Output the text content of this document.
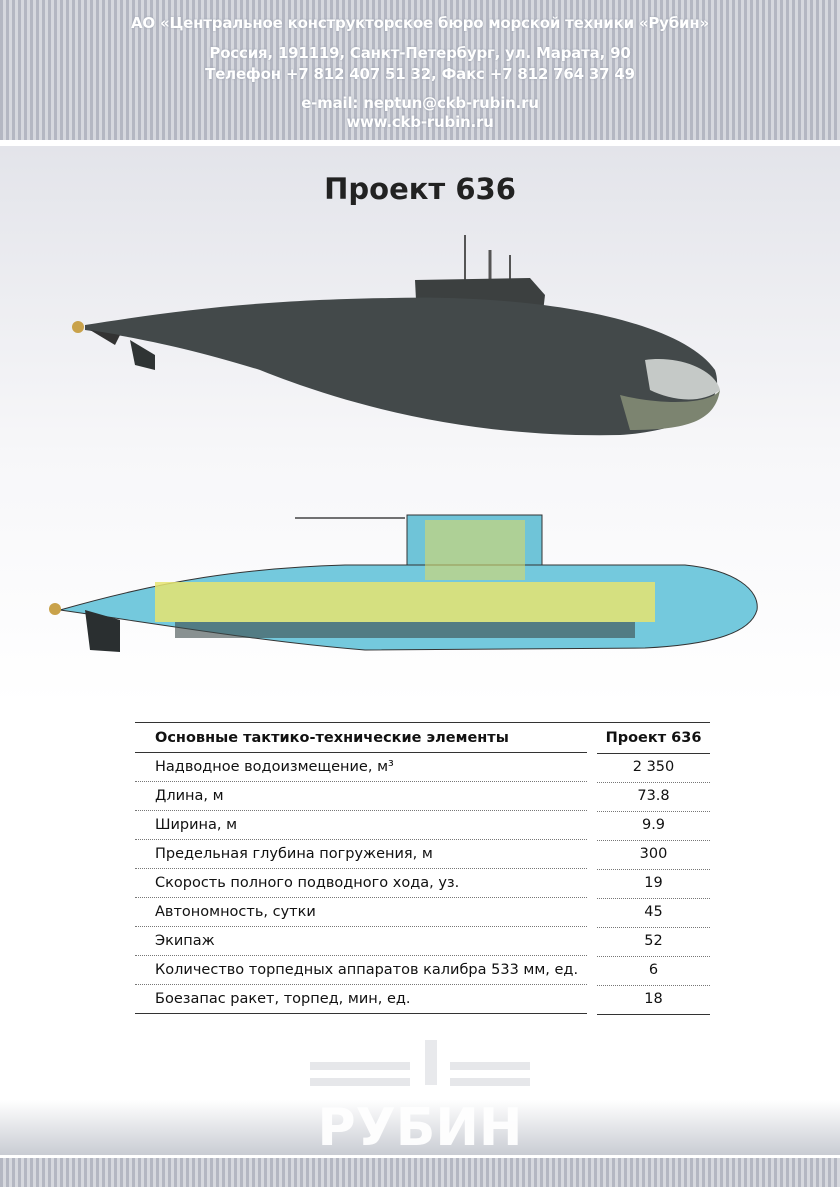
АО «Центральное конструкторское бюро морской техники «Рубин»
Россия, 191119, Санкт-Петербург, ул. Марата, 90
Телефон +7 812 407 51 32, Факс +7 812 764 37 49
e-mail: neptun@ckb-rubin.ru
www.ckb-rubin.ru
Проект 636
Основные тактико-технические элементы	Проект 636
Надводное водоизмещение, м³	2 350
Длина, м	73.8
Ширина, м	9.9
Предельная глубина погружения, м	300
Скорость полного подводного хода, уз.	19
Автономность, сутки	45
Экипаж	52
Количество торпедных аппаратов калибра 533 мм, ед.	6
Боезапас ракет, торпед, мин, ед.	18
РУБИН
